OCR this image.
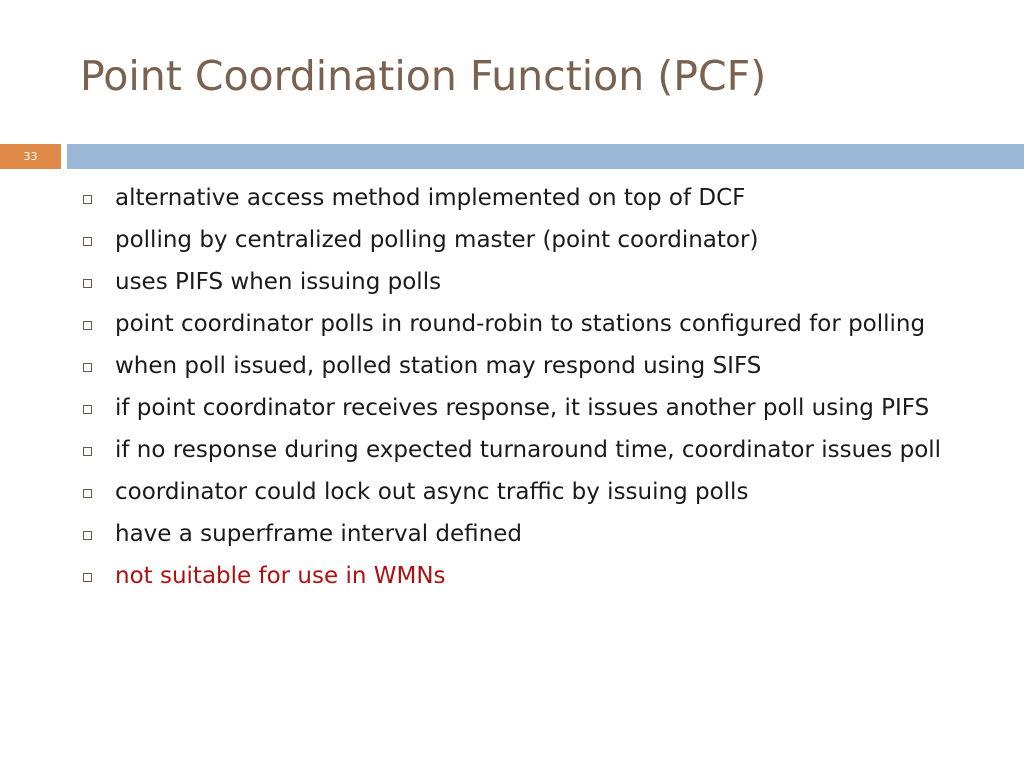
Point Coordination Function (PCF)
33
alternative access method implemented on top of DCF
polling by centralized polling master (point coordinator)
uses PIFS when issuing polls
point coordinator polls in round-robin to stations configured for polling
when poll issued, polled station may respond using SIFS
if point coordinator receives response, it issues another poll using PIFS
if no response during expected turnaround time, coordinator issues poll
coordinator could lock out async traffic by issuing polls
have a superframe interval defined
not suitable for use in WMNs
